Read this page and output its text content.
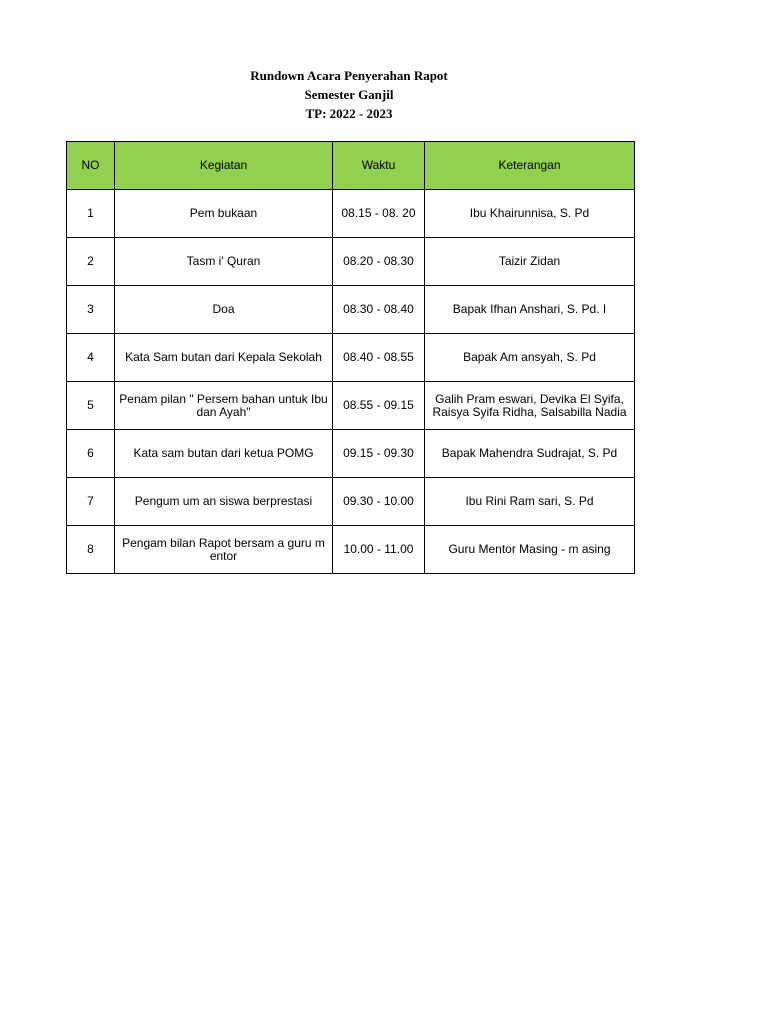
Rundown Acara Penyerahan Rapot
Semester Ganjil
TP: 2022 - 2023
NO	Kegiatan	Waktu	Keterangan
1	Pem bukaan	08.15 - 08. 20	Ibu Khairunnisa, S. Pd
2	Tasm i' Quran	08.20 - 08.30	Taizir Zidan
3	Doa	08.30 - 08.40	Bapak Ifhan Anshari, S. Pd. I
4	Kata Sam butan dari Kepala Sekolah	08.40 - 08.55	Bapak Am ansyah, S. Pd
5	Penam pilan " Persem bahan untuk Ibu dan Ayah"	08.55 - 09.15	Galih Pram eswari, Devika El Syifa, Raisya Syifa Ridha, Salsabilla Nadia
6	Kata sam butan dari ketua POMG	09.15 - 09.30	Bapak Mahendra Sudrajat, S. Pd
7	Pengum um an siswa berprestasi	09.30 - 10.00	Ibu Rini Ram sari, S. Pd
8	Pengam bilan Rapot bersam a guru m entor	10.00 - 11.00	Guru Mentor Masing - m asing
